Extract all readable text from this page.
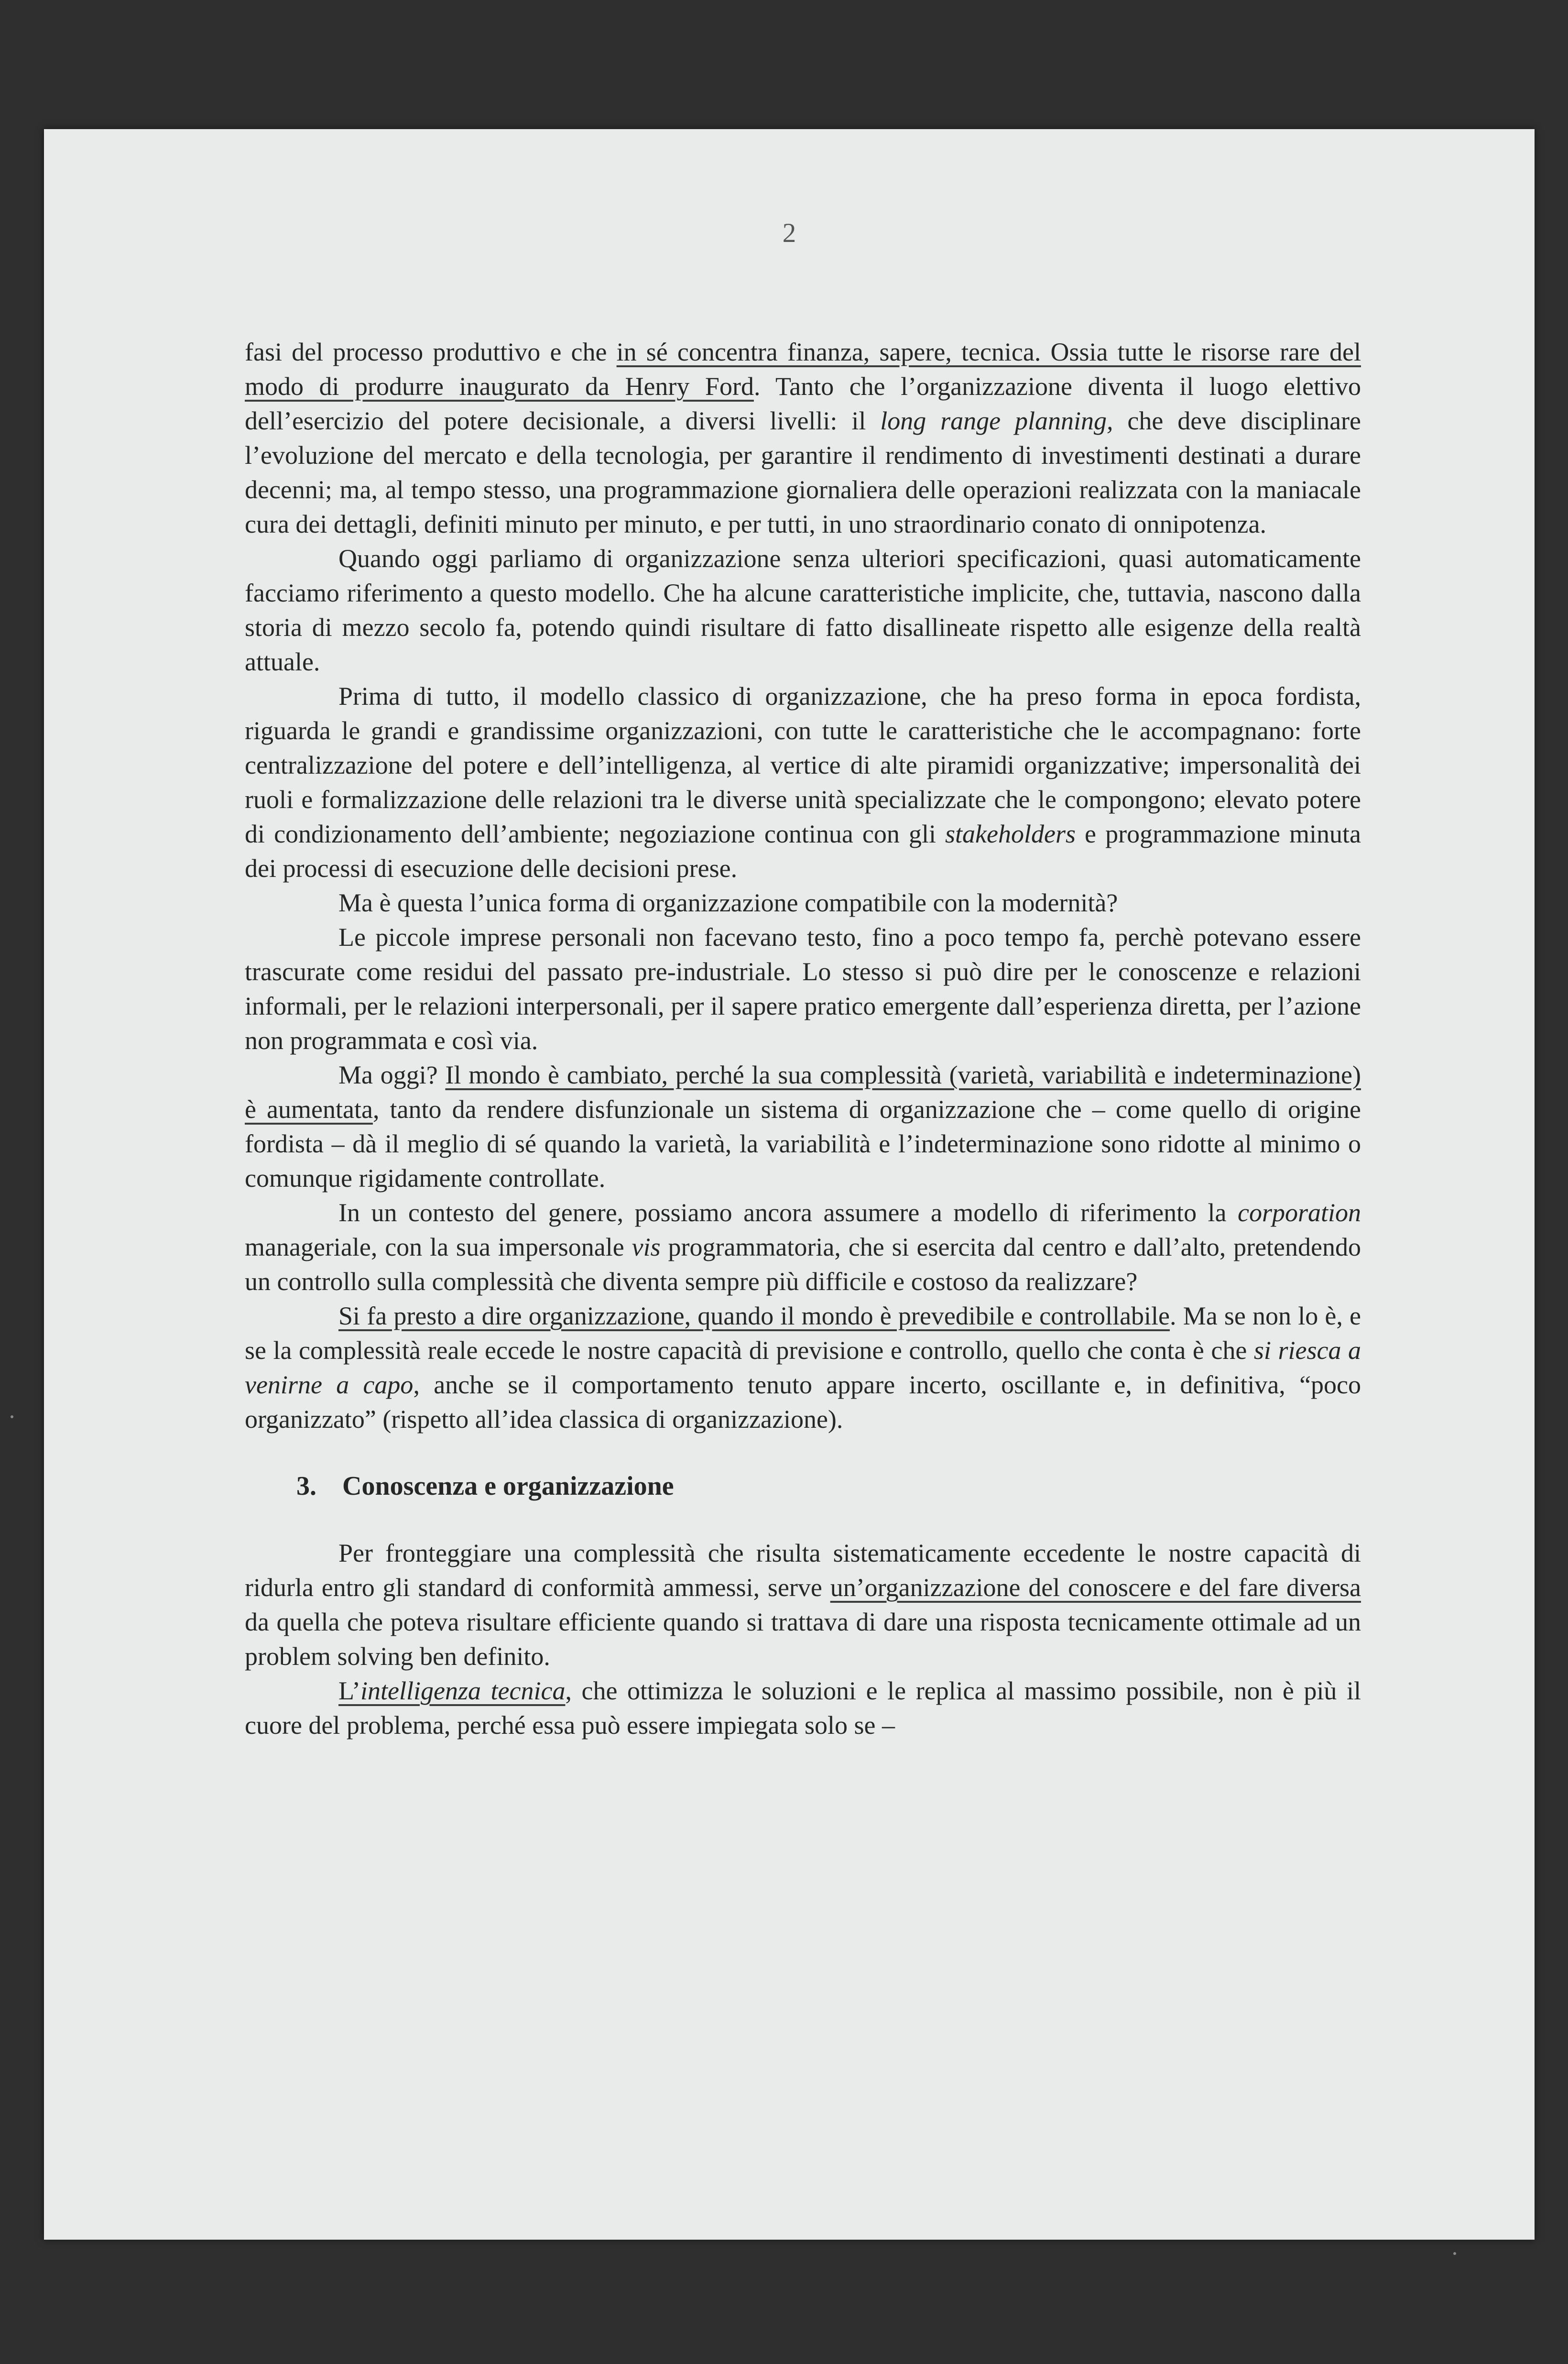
2

fasi del processo produttivo e che in sé concentra finanza, sapere, tecnica. Ossia tutte le risorse rare del modo di produrre inaugurato da Henry Ford. Tanto che l’organizzazione diventa il luogo elettivo dell’esercizio del potere decisionale, a diversi livelli: il long range planning, che deve disciplinare l’evoluzione del mercato e della tecnologia, per garantire il rendimento di investimenti destinati a durare decenni; ma, al tempo stesso, una programmazione giornaliera delle operazioni realizzata con la maniacale cura dei dettagli, definiti minuto per minuto, e per tutti, in uno straordinario conato di onnipotenza.

Quando oggi parliamo di organizzazione senza ulteriori specificazioni, quasi automaticamente facciamo riferimento a questo modello. Che ha alcune caratteristiche implicite, che, tuttavia, nascono dalla storia di mezzo secolo fa, potendo quindi risultare di fatto disallineate rispetto alle esigenze della realtà attuale.

Prima di tutto, il modello classico di organizzazione, che ha preso forma in epoca fordista, riguarda le grandi e grandissime organizzazioni, con tutte le caratteristiche che le accompagnano: forte centralizzazione del potere e dell’intelligenza, al vertice di alte piramidi organizzative; impersonalità dei ruoli e formalizzazione delle relazioni tra le diverse unità specializzate che le compongono; elevato potere di condizionamento dell’ambiente; negoziazione continua con gli stakeholders e programmazione minuta dei processi di esecuzione delle decisioni prese.

Ma è questa l’unica forma di organizzazione compatibile con la modernità?

Le piccole imprese personali non facevano testo, fino a poco tempo fa, perchè potevano essere trascurate come residui del passato pre-industriale. Lo stesso si può dire per le conoscenze e relazioni informali, per le relazioni interpersonali, per il sapere pratico emergente dall’esperienza diretta, per l’azione non programmata e così via.

Ma oggi? Il mondo è cambiato, perché la sua complessità (varietà, variabilità e indeterminazione) è aumentata, tanto da rendere disfunzionale un sistema di organizzazione che – come quello di origine fordista – dà il meglio di sé quando la varietà, la variabilità e l’indeterminazione sono ridotte al minimo o comunque rigidamente controllate.

In un contesto del genere, possiamo ancora assumere a modello di riferimento la corporation manageriale, con la sua impersonale vis programmatoria, che si esercita dal centro e dall’alto, pretendendo un controllo sulla complessità che diventa sempre più difficile e costoso da realizzare?

Si fa presto a dire organizzazione, quando il mondo è prevedibile e controllabile. Ma se non lo è, e se la complessità reale eccede le nostre capacità di previsione e controllo, quello che conta è che si riesca a venirne a capo, anche se il comportamento tenuto appare incerto, oscillante e, in definitiva, “poco organizzato” (rispetto all’idea classica di organizzazione).

3. Conoscenza e organizzazione

Per fronteggiare una complessità che risulta sistematicamente eccedente le nostre capacità di ridurla entro gli standard di conformità ammessi, serve un’organizzazione del conoscere e del fare diversa da quella che poteva risultare efficiente quando si trattava di dare una risposta tecnicamente ottimale ad un problem solving ben definito.

L’intelligenza tecnica, che ottimizza le soluzioni e le replica al massimo possibile, non è più il cuore del problema, perché essa può essere impiegata solo se –
